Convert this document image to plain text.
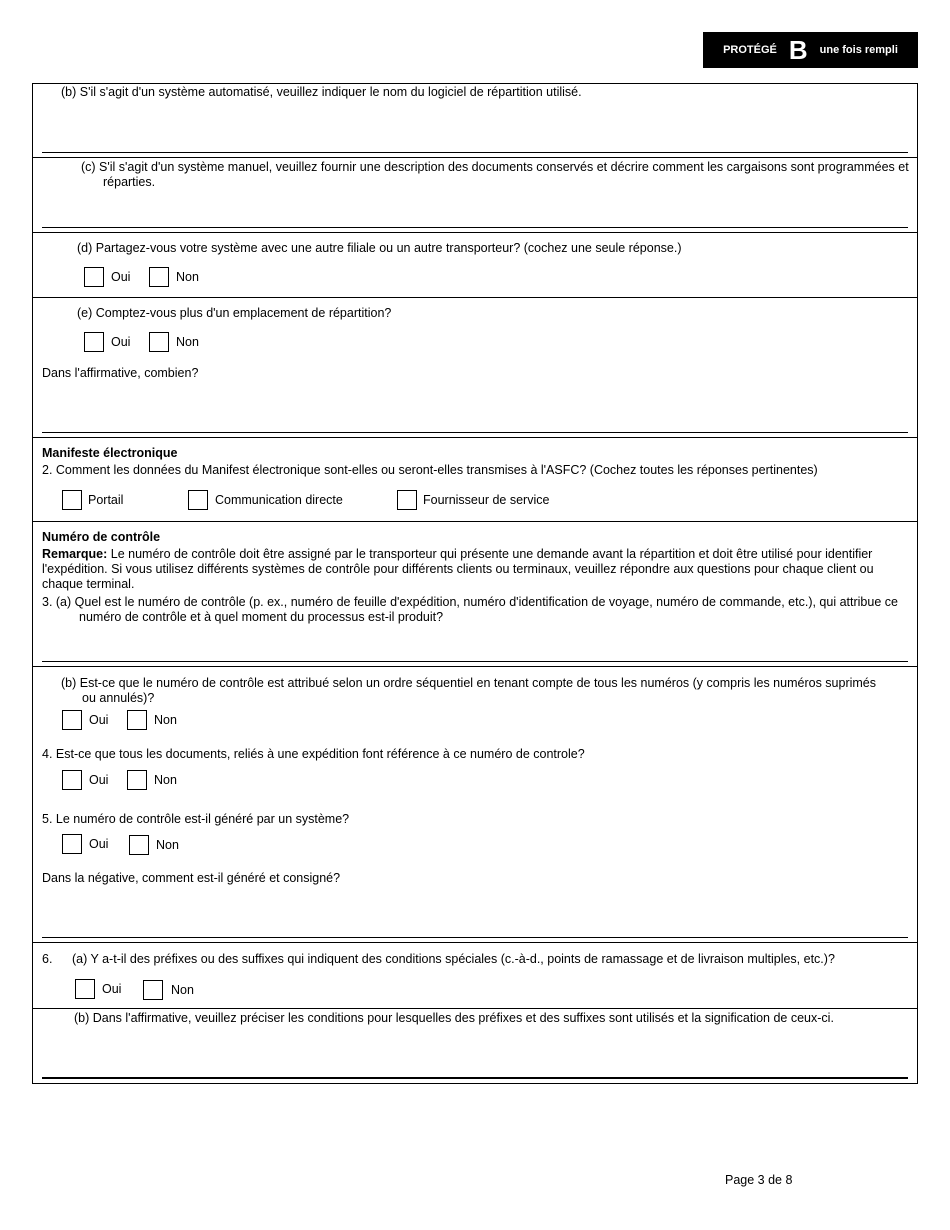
PROTÉGÉ B une fois rempli
(b) S'il s'agit d'un système automatisé, veuillez indiquer le nom du logiciel de répartition utilisé.
(c) S'il s'agit d'un système manuel, veuillez fournir une description des documents conservés et décrire comment les cargaisons sont programmées et
réparties.
(d) Partagez-vous votre système avec une autre filiale ou un autre transporteur? (cochez une seule réponse.)
Oui	Non
(e) Comptez-vous plus d'un emplacement de répartition?
Oui	Non
Dans l'affirmative, combien?
Manifeste électronique
2. Comment les données du Manifest électronique sont-elles ou seront-elles transmises à l'ASFC? (Cochez toutes les réponses pertinentes)
Portail	Communication directe	Fournisseur de service
Numéro de contrôle
Remarque: Le numéro de contrôle doit être assigné par le transporteur qui présente une demande avant la répartition et doit être utilisé pour identifier
l'expédition. Si vous utilisez différents systèmes de contrôle pour différents clients ou terminaux, veuillez répondre aux questions pour chaque client ou
chaque terminal.
3. (a) Quel est le numéro de contrôle (p. ex., numéro de feuille d'expédition, numéro d'identification de voyage, numéro de commande, etc.), qui attribue ce
numéro de contrôle et à quel moment du processus est-il produit?
(b) Est-ce que le numéro de contrôle est attribué selon un ordre séquentiel en tenant compte de tous les numéros (y compris les numéros suprimés
ou annulés)?
Oui	Non
4. Est-ce que tous les documents, reliés à une expédition font référence à ce numéro de controle?
Oui	Non
5. Le numéro de contrôle est-il généré par un système?
Oui	Non
Dans la négative, comment est-il généré et consigné?
6. (a) Y a-t-il des préfixes ou des suffixes qui indiquent des conditions spéciales (c.-à-d., points de ramassage et de livraison multiples, etc.)?
Oui	Non
(b) Dans l'affirmative, veuillez préciser les conditions pour lesquelles des préfixes et des suffixes sont utilisés et la signification de ceux-ci.
Page 3 de 8
